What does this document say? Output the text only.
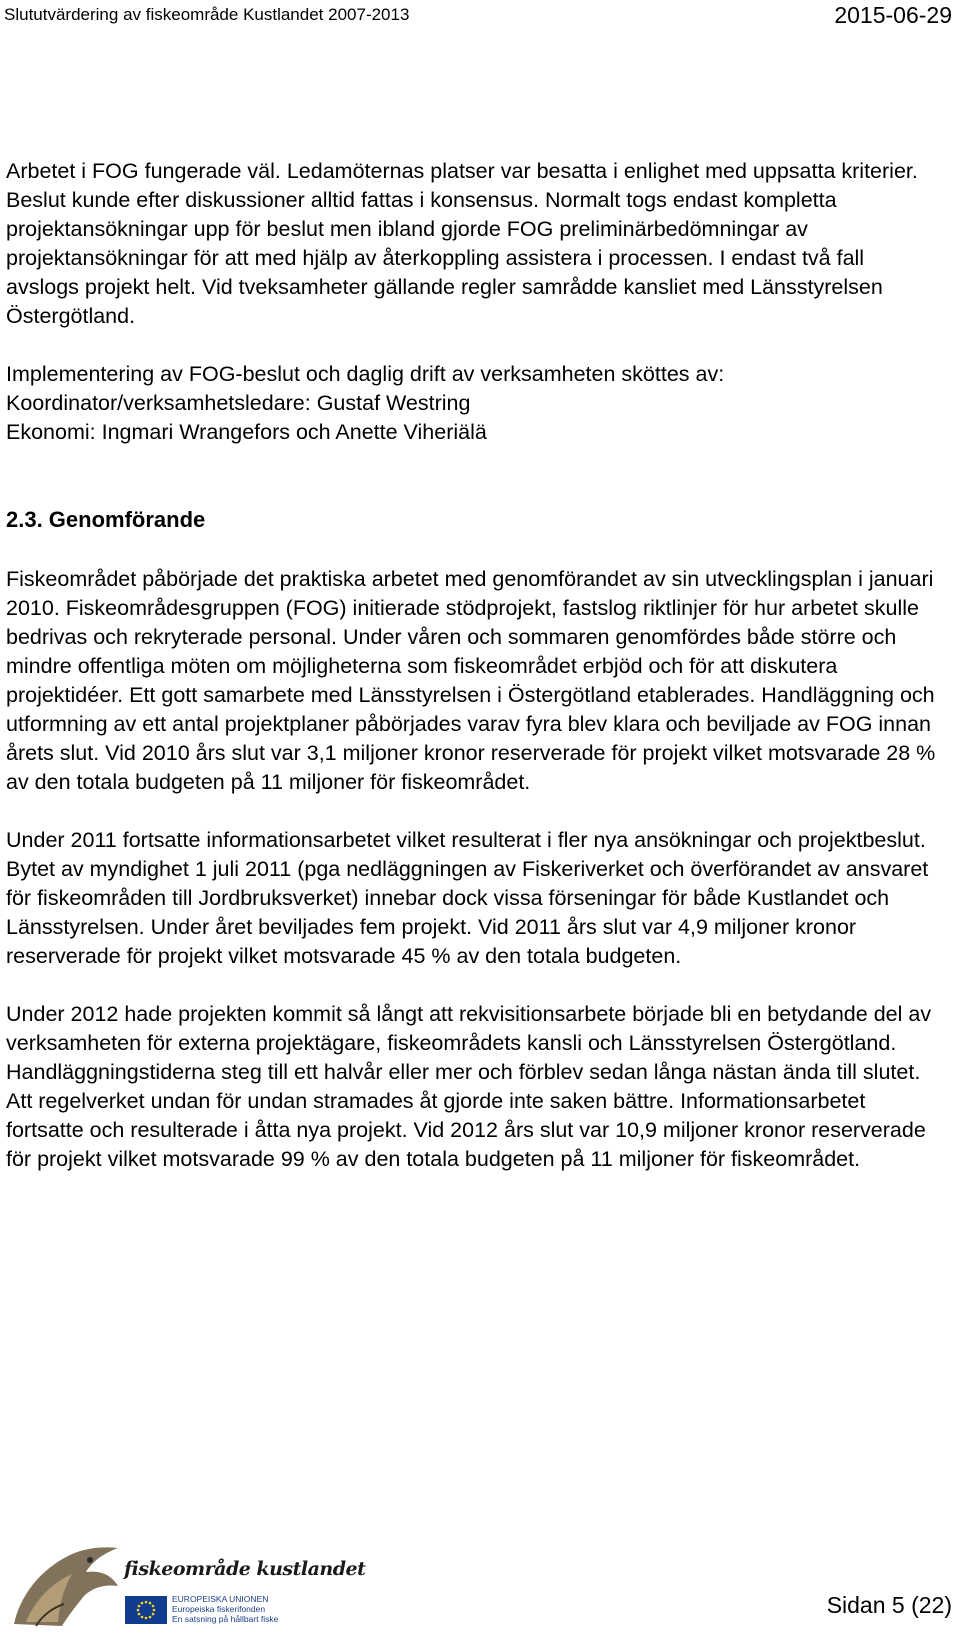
Slututvärdering av fiskeområde Kustlandet 2007-2013	2015-06-29

Arbetet i FOG fungerade väl. Ledamöternas platser var besatta i enlighet med uppsatta kriterier. Beslut kunde efter diskussioner alltid fattas i konsensus. Normalt togs endast kompletta projektansökningar upp för beslut men ibland gjorde FOG preliminärbedömningar av projektansökningar för att med hjälp av återkoppling assistera i processen. I endast två fall avslogs projekt helt. Vid tveksamheter gällande regler samrådde kansliet med Länsstyrelsen Östergötland.

Implementering av FOG-beslut och daglig drift av verksamheten sköttes av:

Koordinator/verksamhetsledare: Gustaf Westring

Ekonomi: Ingmari Wrangefors och Anette Viheriälä

2.3. Genomförande

Fiskeområdet påbörjade det praktiska arbetet med genomförandet av sin utvecklingsplan i januari 2010. Fiskeområdesgruppen (FOG) initierade stödprojekt, fastslog riktlinjer för hur arbetet skulle bedrivas och rekryterade personal. Under våren och sommaren genomfördes både större och mindre offentliga möten om möjligheterna som fiskeområdet erbjöd och för att diskutera projektidéer. Ett gott samarbete med Länsstyrelsen i Östergötland etablerades. Handläggning och utformning av ett antal projektplaner påbörjades varav fyra blev klara och beviljade av FOG innan årets slut. Vid 2010 års slut var 3,1 miljoner kronor reserverade för projekt vilket motsvarade 28 % av den totala budgeten på 11 miljoner för fiskeområdet.

Under 2011 fortsatte informationsarbetet vilket resulterat i fler nya ansökningar och projektbeslut. Bytet av myndighet 1 juli 2011 (pga nedläggningen av Fiskeriverket och överförandet av ansvaret för fiskeområden till Jordbruksverket) innebar dock vissa förseningar för både Kustlandet och Länsstyrelsen. Under året beviljades fem projekt. Vid 2011 års slut var 4,9 miljoner kronor reserverade för projekt vilket motsvarade 45 % av den totala budgeten.

Under 2012 hade projekten kommit så långt att rekvisitionsarbete började bli en betydande del av verksamheten för externa projektägare, fiskeområdets kansli och Länsstyrelsen Östergötland. Handläggningstiderna steg till ett halvår eller mer och förblev sedan långa nästan ända till slutet. Att regelverket undan för undan stramades åt gjorde inte saken bättre. Informationsarbetet fortsatte och resulterade i åtta nya projekt. Vid 2012 års slut var 10,9 miljoner kronor reserverade för projekt vilket motsvarade 99 % av den totala budgeten på 11 miljoner för fiskeområdet.

fiskeområde kustlandet
EUROPEISKA UNIONEN
Europeiska fiskerifonden
En satsning på hållbart fiske
Sidan 5 (22)
